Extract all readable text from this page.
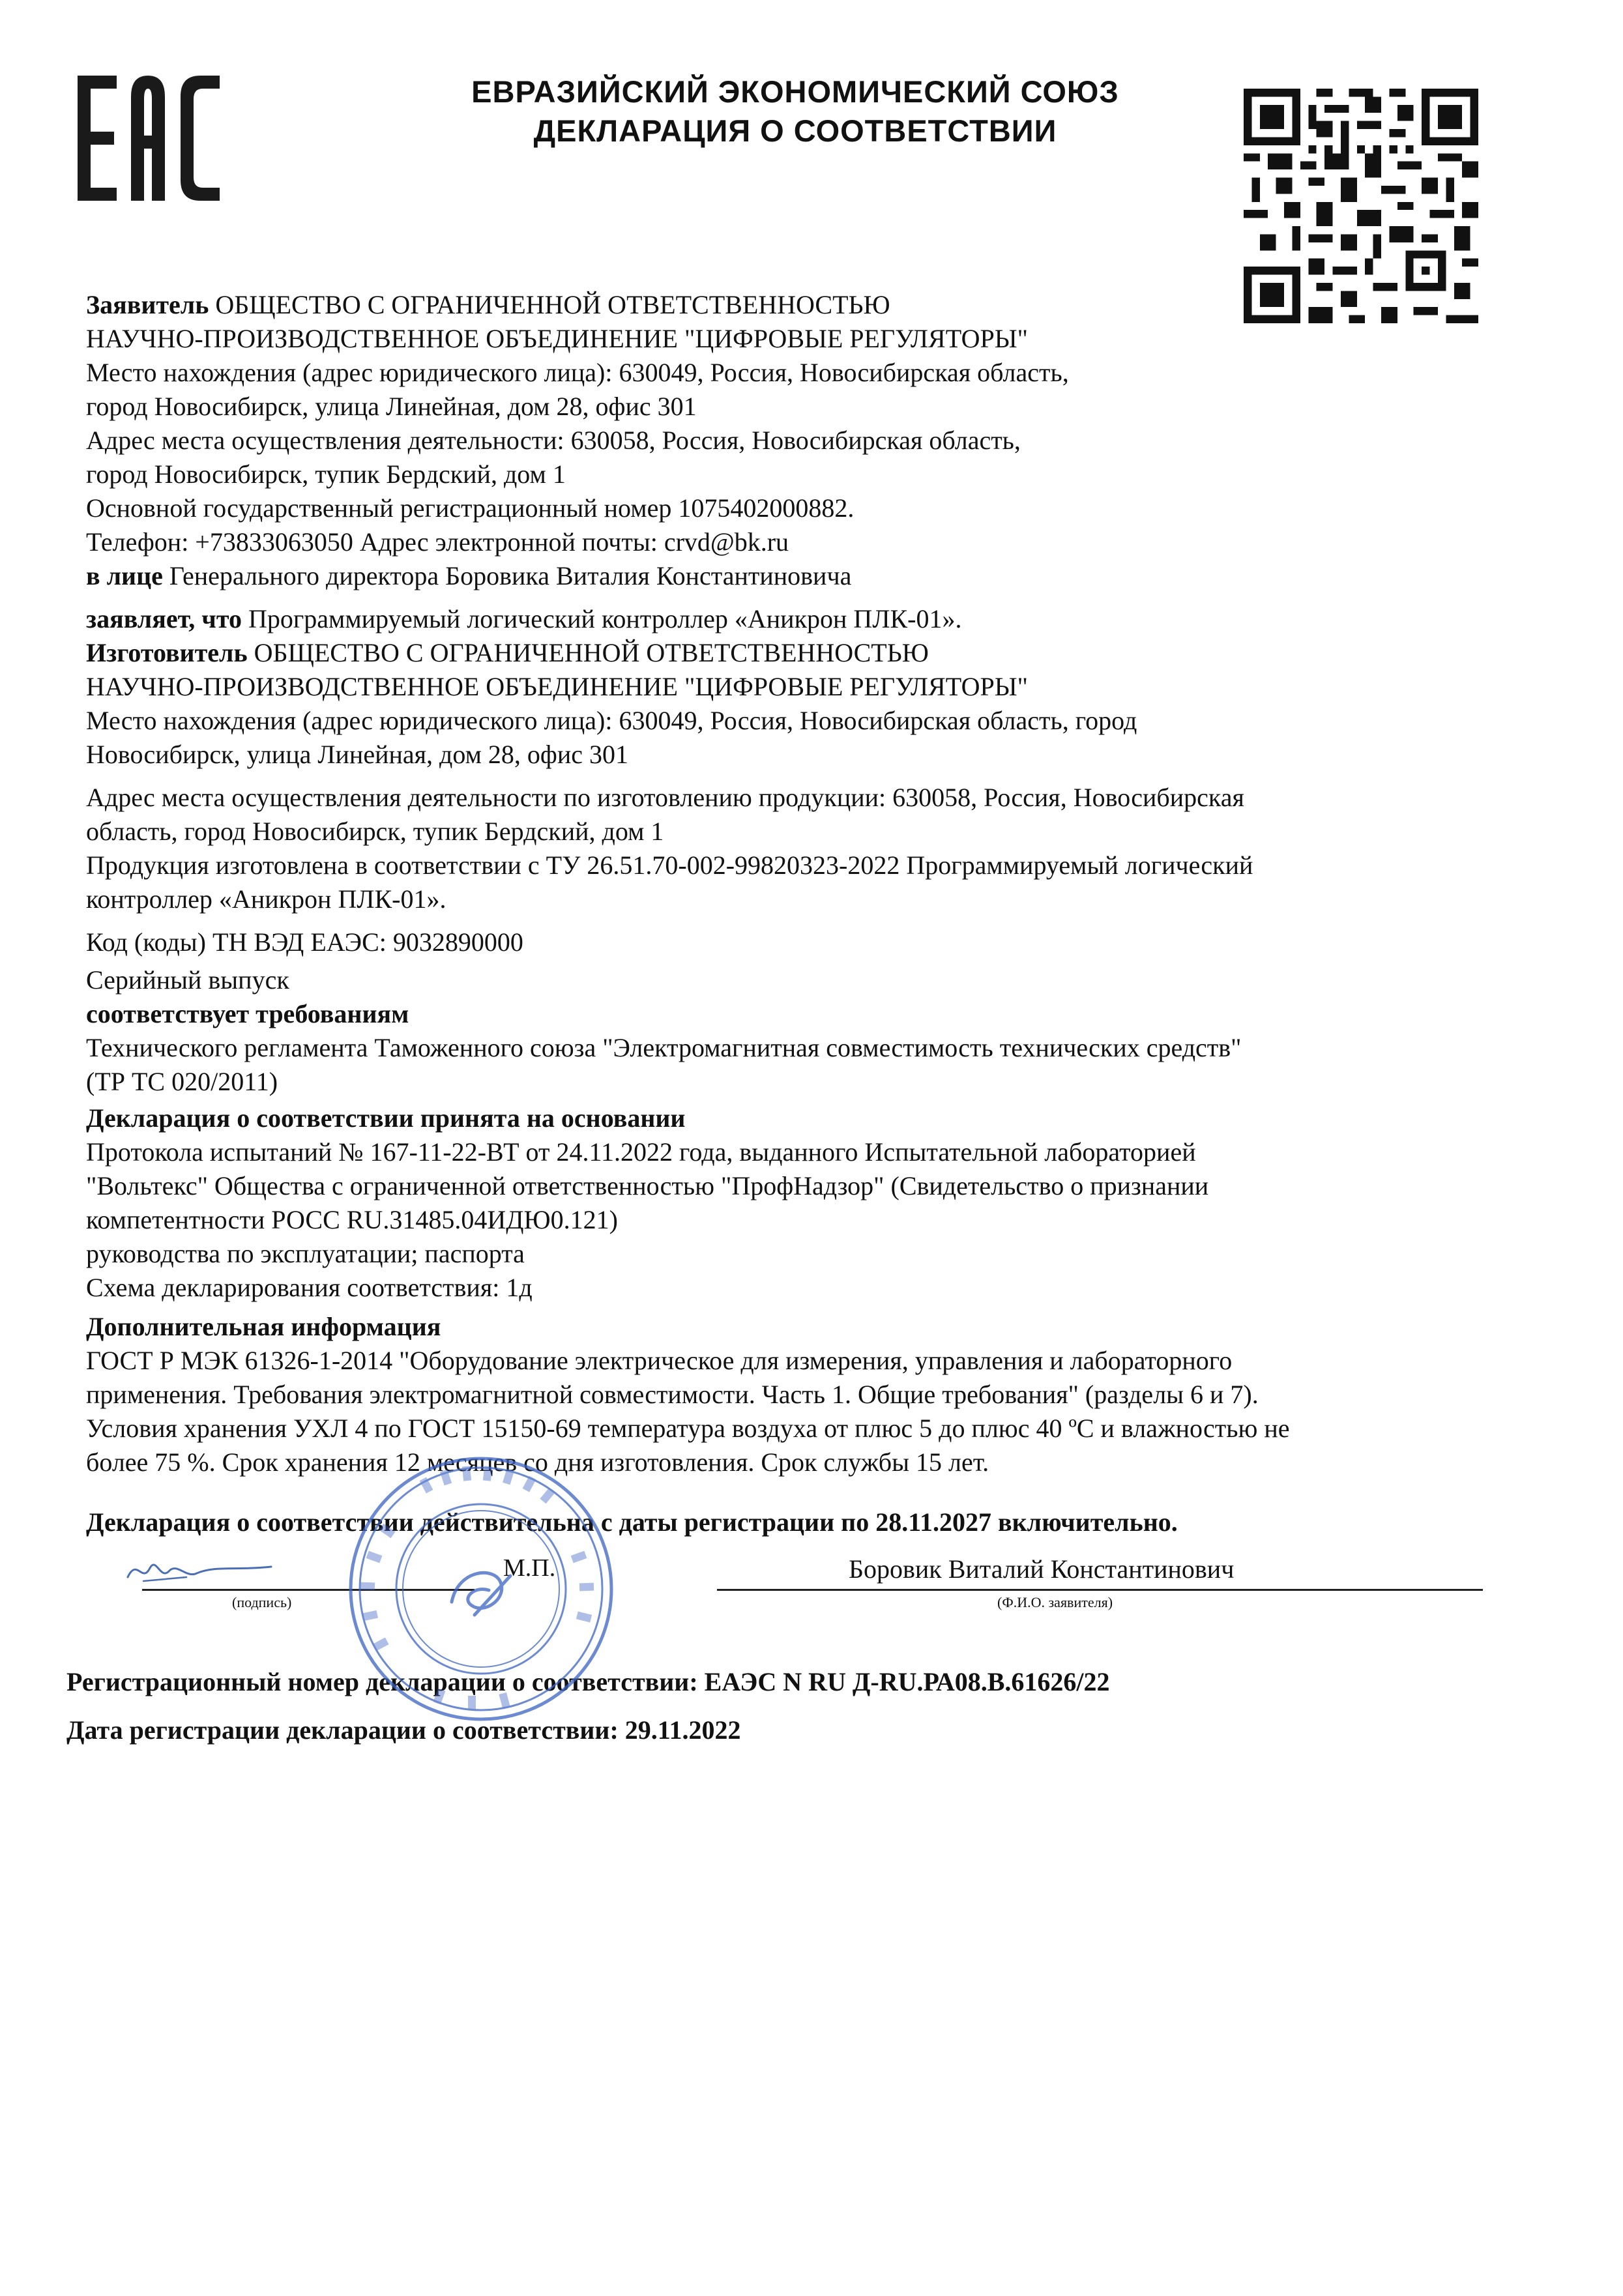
ЕВРАЗИЙСКИЙ ЭКОНОМИЧЕСКИЙ СОЮЗ
ДЕКЛАРАЦИЯ О СООТВЕТСТВИИ
Заявитель ОБЩЕСТВО С ОГРАНИЧЕННОЙ ОТВЕТСТВЕННОСТЬЮ
НАУЧНО-ПРОИЗВОДСТВЕННОЕ ОБЪЕДИНЕНИЕ "ЦИФРОВЫЕ РЕГУЛЯТОРЫ"
Место нахождения (адрес юридического лица): 630049, Россия, Новосибирская область,
город Новосибирск, улица Линейная, дом 28, офис 301
Адрес места осуществления деятельности: 630058, Россия, Новосибирская область,
город Новосибирск, тупик Бердский, дом 1
Основной государственный регистрационный номер 1075402000882.
Телефон: +73833063050 Адрес электронной почты: crvd@bk.ru
в лице Генерального директора Боровика Виталия Константиновича
заявляет, что Программируемый логический контроллер «Аникрон ПЛК-01».
Изготовитель ОБЩЕСТВО С ОГРАНИЧЕННОЙ ОТВЕТСТВЕННОСТЬЮ
НАУЧНО-ПРОИЗВОДСТВЕННОЕ ОБЪЕДИНЕНИЕ "ЦИФРОВЫЕ РЕГУЛЯТОРЫ"
Место нахождения (адрес юридического лица): 630049, Россия, Новосибирская область, город
Новосибирск, улица Линейная, дом 28, офис 301
Адрес места осуществления деятельности по изготовлению продукции: 630058, Россия, Новосибирская
область, город Новосибирск, тупик Бердский, дом 1
Продукция изготовлена в соответствии с ТУ 26.51.70-002-99820323-2022 Программируемый логический
контроллер «Аникрон ПЛК-01».
Код (коды) ТН ВЭД ЕАЭС: 9032890000
Серийный выпуск
соответствует требованиям
Технического регламента Таможенного союза "Электромагнитная совместимость технических средств"
(ТР ТС 020/2011)
Декларация о соответствии принята на основании
Протокола испытаний № 167-11-22-ВТ от 24.11.2022 года, выданного Испытательной лабораторией
"Вольтекс" Общества с ограниченной ответственностью "ПрофНадзор" (Свидетельство о признании
компетентности РОСС RU.31485.04ИДЮ0.121)
руководства по эксплуатации; паспорта
Схема декларирования соответствия: 1д
Дополнительная информация
ГОСТ Р МЭК 61326-1-2014 "Оборудование электрическое для измерения, управления и лабораторного
применения. Требования электромагнитной совместимости. Часть 1. Общие требования" (разделы 6 и 7).
Условия хранения УХЛ 4 по ГОСТ 15150-69 температура воздуха от плюс 5 до плюс 40 ºС и влажностью не
более 75 %. Срок хранения 12 месяцев со дня изготовления. Срок службы 15 лет.
Декларация о соответствии действительна с даты регистрации по 28.11.2027 включительно.
(подпись)
М.П.	Боровик Виталий Константинович
(Ф.И.О. заявителя)
Регистрационный номер декларации о соответствии: ЕАЭС N RU Д-RU.РА08.В.61626/22
Дата регистрации декларации о соответствии: 29.11.2022
